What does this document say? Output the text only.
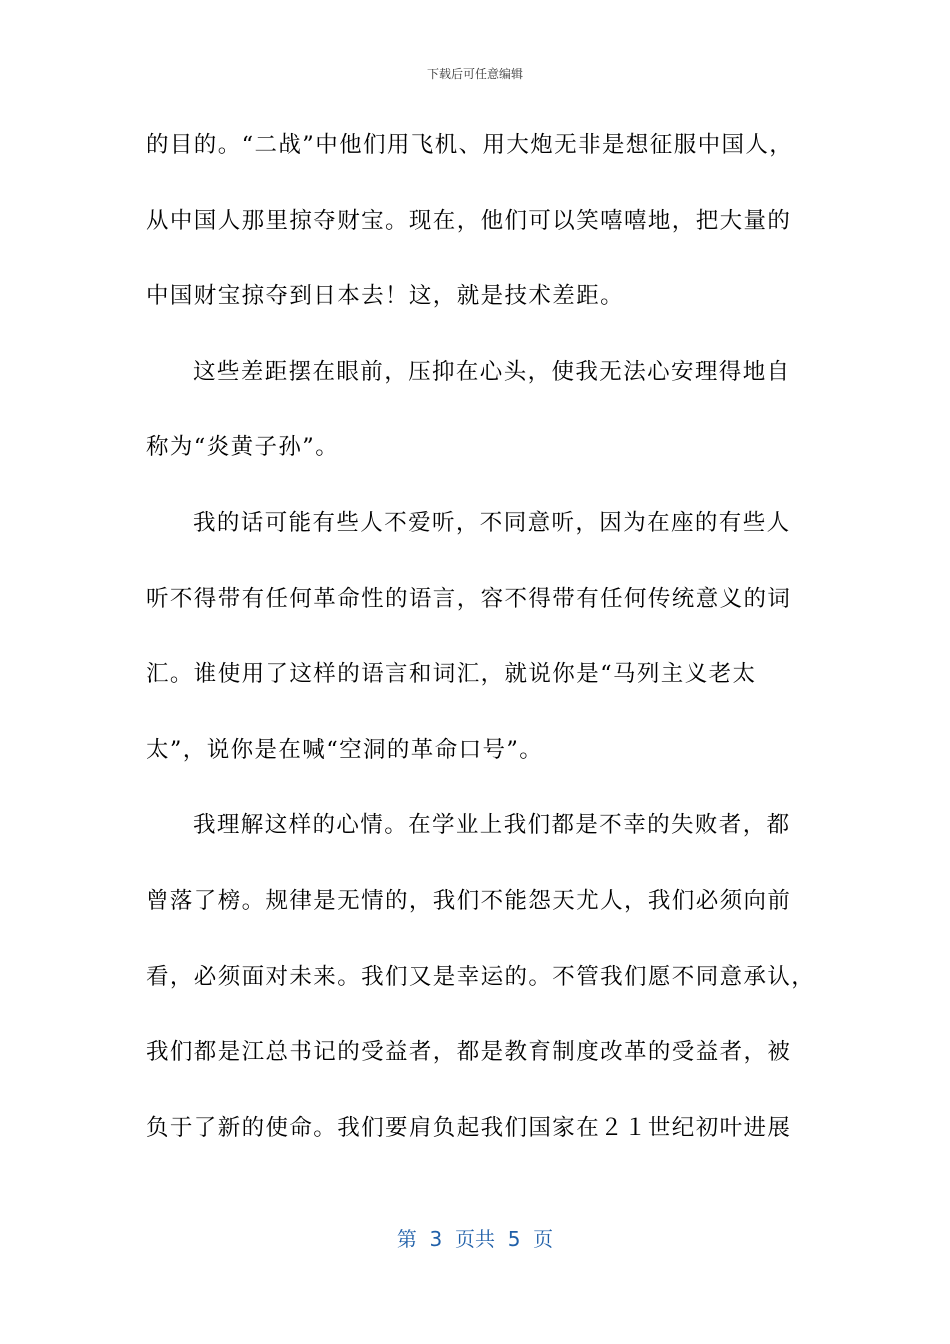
下载后可任意编辑
的目的。“二战”中他们用飞机、用大炮无非是想征服中国人，
从中国人那里掠夺财宝。现在，他们可以笑嘻嘻地，把大量的
中国财宝掠夺到日本去！这，就是技术差距。
这些差距摆在眼前，压抑在心头，使我无法心安理得地自
称为“炎黄子孙”。
我的话可能有些人不爱听，不同意听，因为在座的有些人
听不得带有任何革命性的语言，容不得带有任何传统意义的词
汇。谁使用了这样的语言和词汇，就说你是“马列主义老太
太”，说你是在喊“空洞的革命口号”。
我理解这样的心情。在学业上我们都是不幸的失败者，都
曾落了榜。规律是无情的，我们不能怨天尤人，我们必须向前
看，必须面对未来。我们又是幸运的。不管我们愿不同意承认，
我们都是江总书记的受益者，都是教育制度改革的受益者，被
负于了新的使命。我们要肩负起我们国家在２１世纪初叶进展
第  3  页共  5  页
